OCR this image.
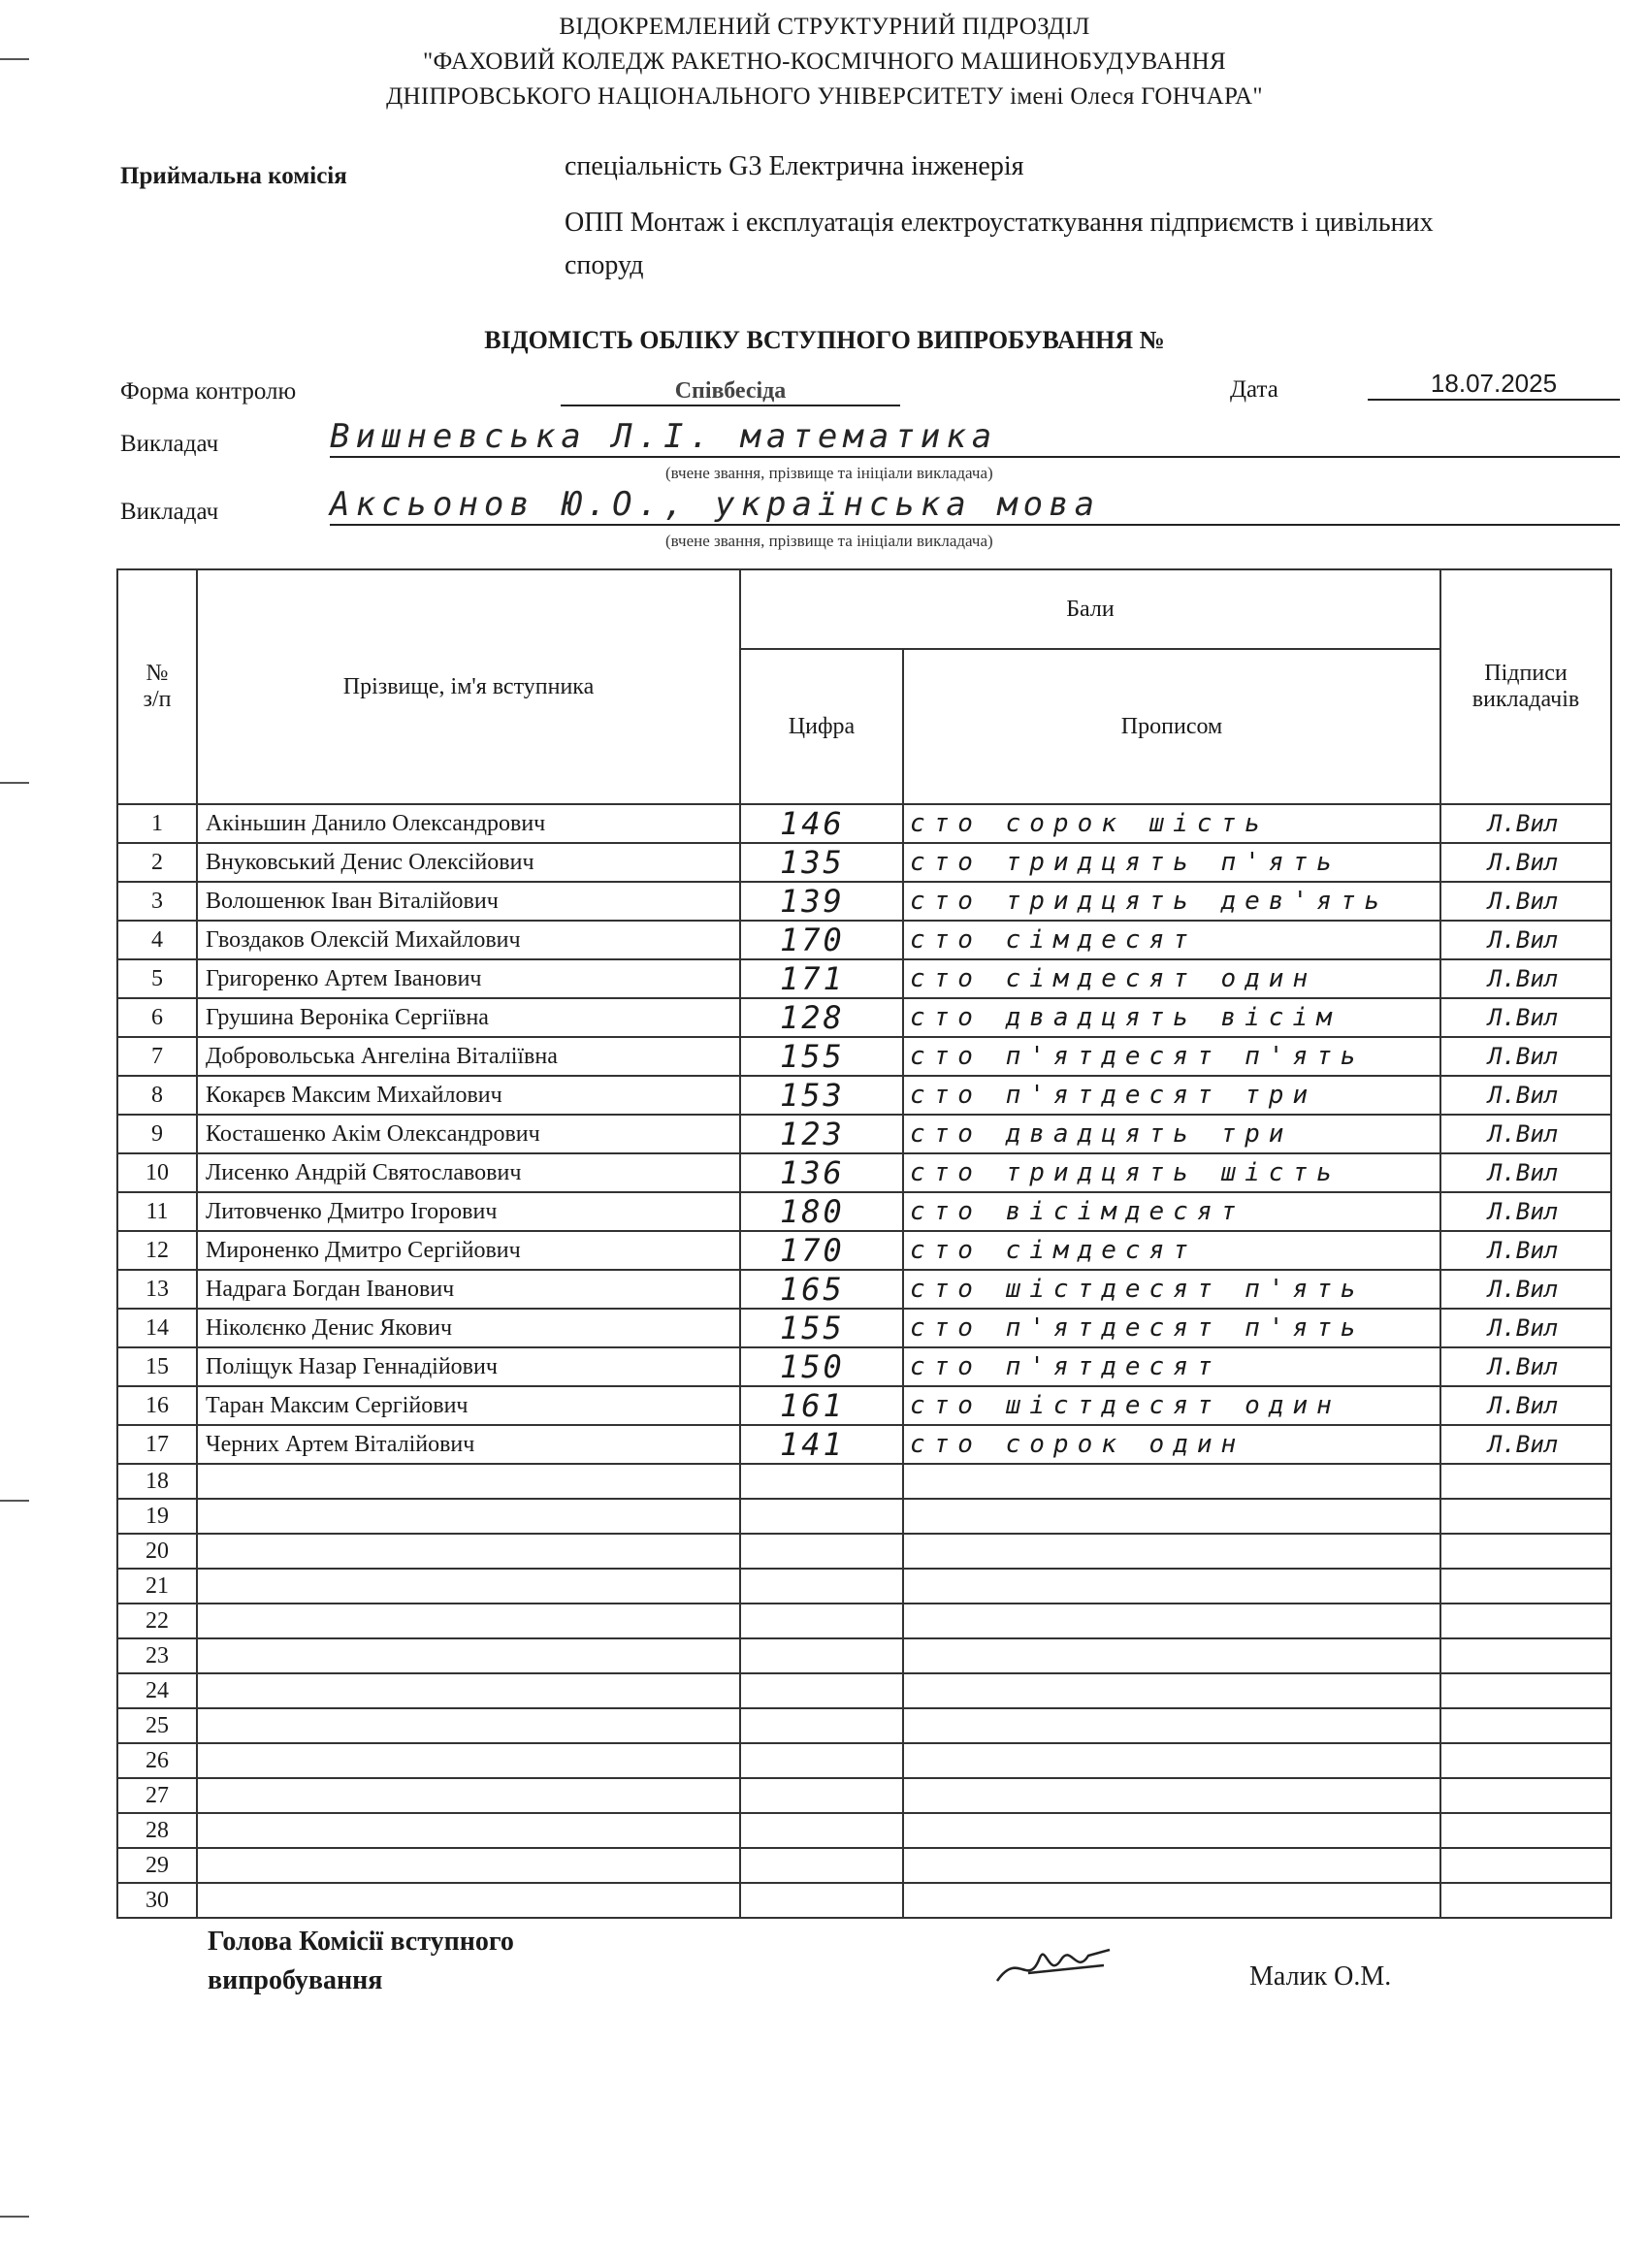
ВІДОКРЕМЛЕНИЙ СТРУКТУРНИЙ ПІДРОЗДІЛ
"ФАХОВИЙ КОЛЕДЖ РАКЕТНО-КОСМІЧНОГО МАШИНОБУДУВАННЯ
ДНІПРОВСЬКОГО НАЦІОНАЛЬНОГО УНІВЕРСИТЕТУ імені Олеся ГОНЧАРА"
Приймальна комісія	спеціальність G3 Електрична інженерія
ОПП Монтаж і експлуатація електроустаткування підприємств і цивільних
споруд
ВІДОМІСТЬ ОБЛІКУ ВСТУПНОГО ВИПРОБУВАННЯ №
Форма контролю	Співбесіда	Дата	18.07.2025
Викладач	Вишневська Л.І. математика
(вчене звання, прізвище та ініціали викладача)
Викладач	Аксьонов Ю.О., українська мова
(вчене звання, прізвище та ініціали викладача)
№
з/п	Прізвище, ім'я вступника	Бали		Підписи
викладачів
		Цифра	Прописом	
1	Акіньшин Данило Олександрович	146	сто сорок шість	Л.Вил
2	Внуковський Денис Олексійович	135	сто тридцять п'ять	Л.Вил
3	Волошенюк Іван Віталійович	139	сто тридцять дев'ять	Л.Вил
4	Гвоздаков Олексій Михайлович	170	сто сімдесят	Л.Вил
5	Григоренко Артем Іванович	171	сто сімдесят один	Л.Вил
6	Грушина Вероніка Сергіївна	128	сто двадцять вісім	Л.Вил
7	Добровольська Ангеліна Віталіївна	155	сто п'ятдесят п'ять	Л.Вил
8	Кокарєв Максим Михайлович	153	сто п'ятдесят три	Л.Вил
9	Косташенко Акім Олександрович	123	сто двадцять три	Л.Вил
10	Лисенко Андрій Святославович	136	сто тридцять шість	Л.Вил
11	Литовченко Дмитро Ігорович	180	сто вісімдесят	Л.Вил
12	Мироненко Дмитро Сергійович	170	сто сімдесят	Л.Вил
13	Надрага Богдан Іванович	165	сто шістдесят п'ять	Л.Вил
14	Ніколєнко Денис Якович	155	сто п'ятдесят п'ять	Л.Вил
15	Поліщук Назар Геннадійович	150	сто п'ятдесят	Л.Вил
16	Таран Максим Сергійович	161	сто шістдесят один	Л.Вил
17	Черних Артем Віталійович	141	сто сорок один	Л.Вил
18				
19				
20				
21				
22				
23				
24				
25				
26				
27				
28				
29				
30				
Голова Комісії вступного
випробування	Малик О.М.
